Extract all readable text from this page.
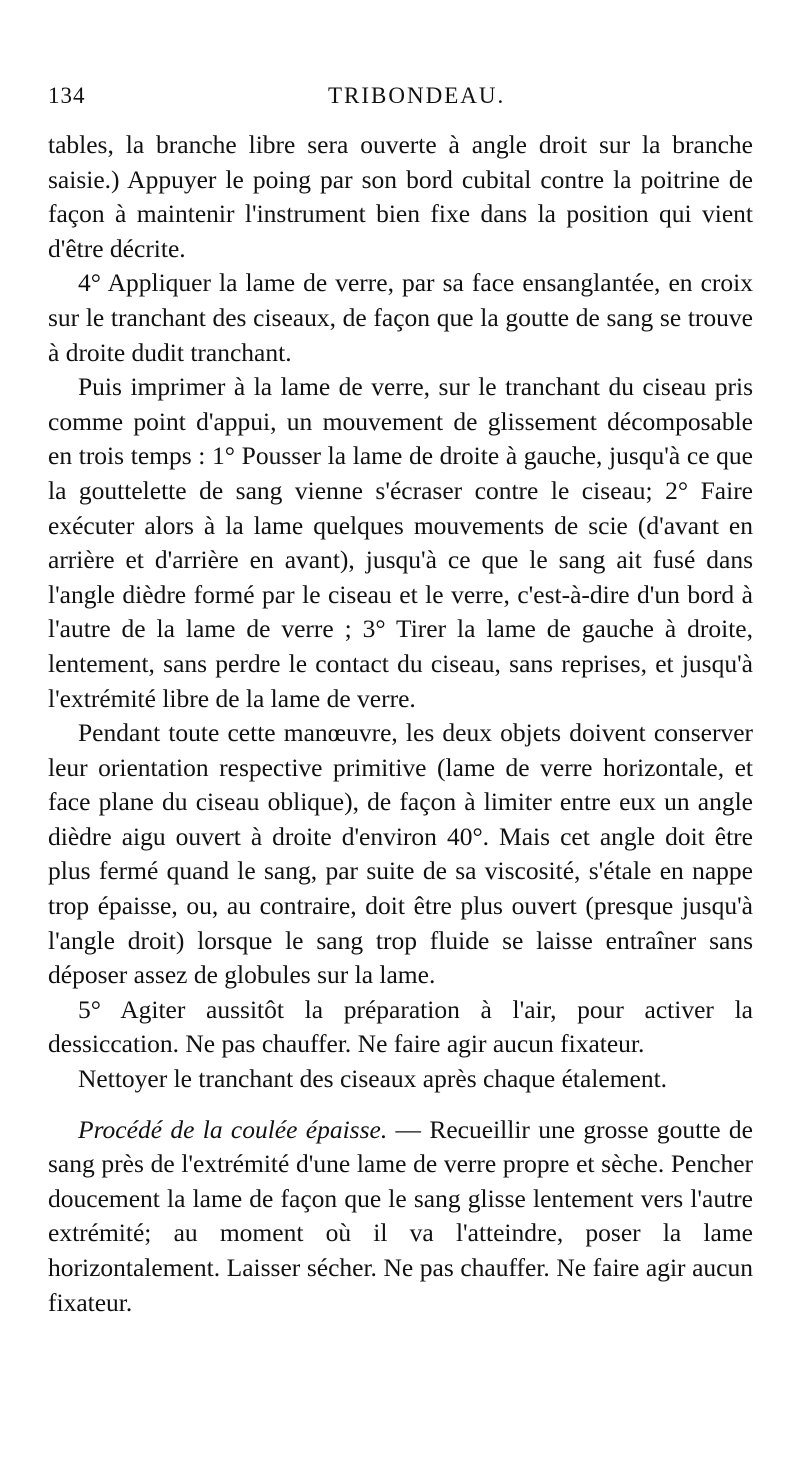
134	TRIBONDEAU.

tables, la branche libre sera ouverte à angle droit sur la branche saisie.) Appuyer le poing par son bord cubital contre la poitrine de façon à maintenir l'instrument bien fixe dans la position qui vient d'être décrite.

4° Appliquer la lame de verre, par sa face ensanglantée, en croix sur le tranchant des ciseaux, de façon que la goutte de sang se trouve à droite dudit tranchant.

Puis imprimer à la lame de verre, sur le tranchant du ciseau pris comme point d'appui, un mouvement de glissement décomposable en trois temps : 1° Pousser la lame de droite à gauche, jusqu'à ce que la gouttelette de sang vienne s'écraser contre le ciseau; 2° Faire exécuter alors à la lame quelques mouvements de scie (d'avant en arrière et d'arrière en avant), jusqu'à ce que le sang ait fusé dans l'angle dièdre formé par le ciseau et le verre, c'est-à-dire d'un bord à l'autre de la lame de verre ; 3° Tirer la lame de gauche à droite, lentement, sans perdre le contact du ciseau, sans reprises, et jusqu'à l'extrémité libre de la lame de verre.

Pendant toute cette manœuvre, les deux objets doivent conserver leur orientation respective primitive (lame de verre horizontale, et face plane du ciseau oblique), de façon à limiter entre eux un angle dièdre aigu ouvert à droite d'environ 40°. Mais cet angle doit être plus fermé quand le sang, par suite de sa viscosité, s'étale en nappe trop épaisse, ou, au contraire, doit être plus ouvert (presque jusqu'à l'angle droit) lorsque le sang trop fluide se laisse entraîner sans déposer assez de globules sur la lame.

5° Agiter aussitôt la préparation à l'air, pour activer la dessiccation. Ne pas chauffer. Ne faire agir aucun fixateur.

Nettoyer le tranchant des ciseaux après chaque étalement.

Procédé de la coulée épaisse. — Recueillir une grosse goutte de sang près de l'extrémité d'une lame de verre propre et sèche. Pencher doucement la lame de façon que le sang glisse lentement vers l'autre extrémité; au moment où il va l'atteindre, poser la lame horizontalement. Laisser sécher. Ne pas chauffer. Ne faire agir aucun fixateur.
